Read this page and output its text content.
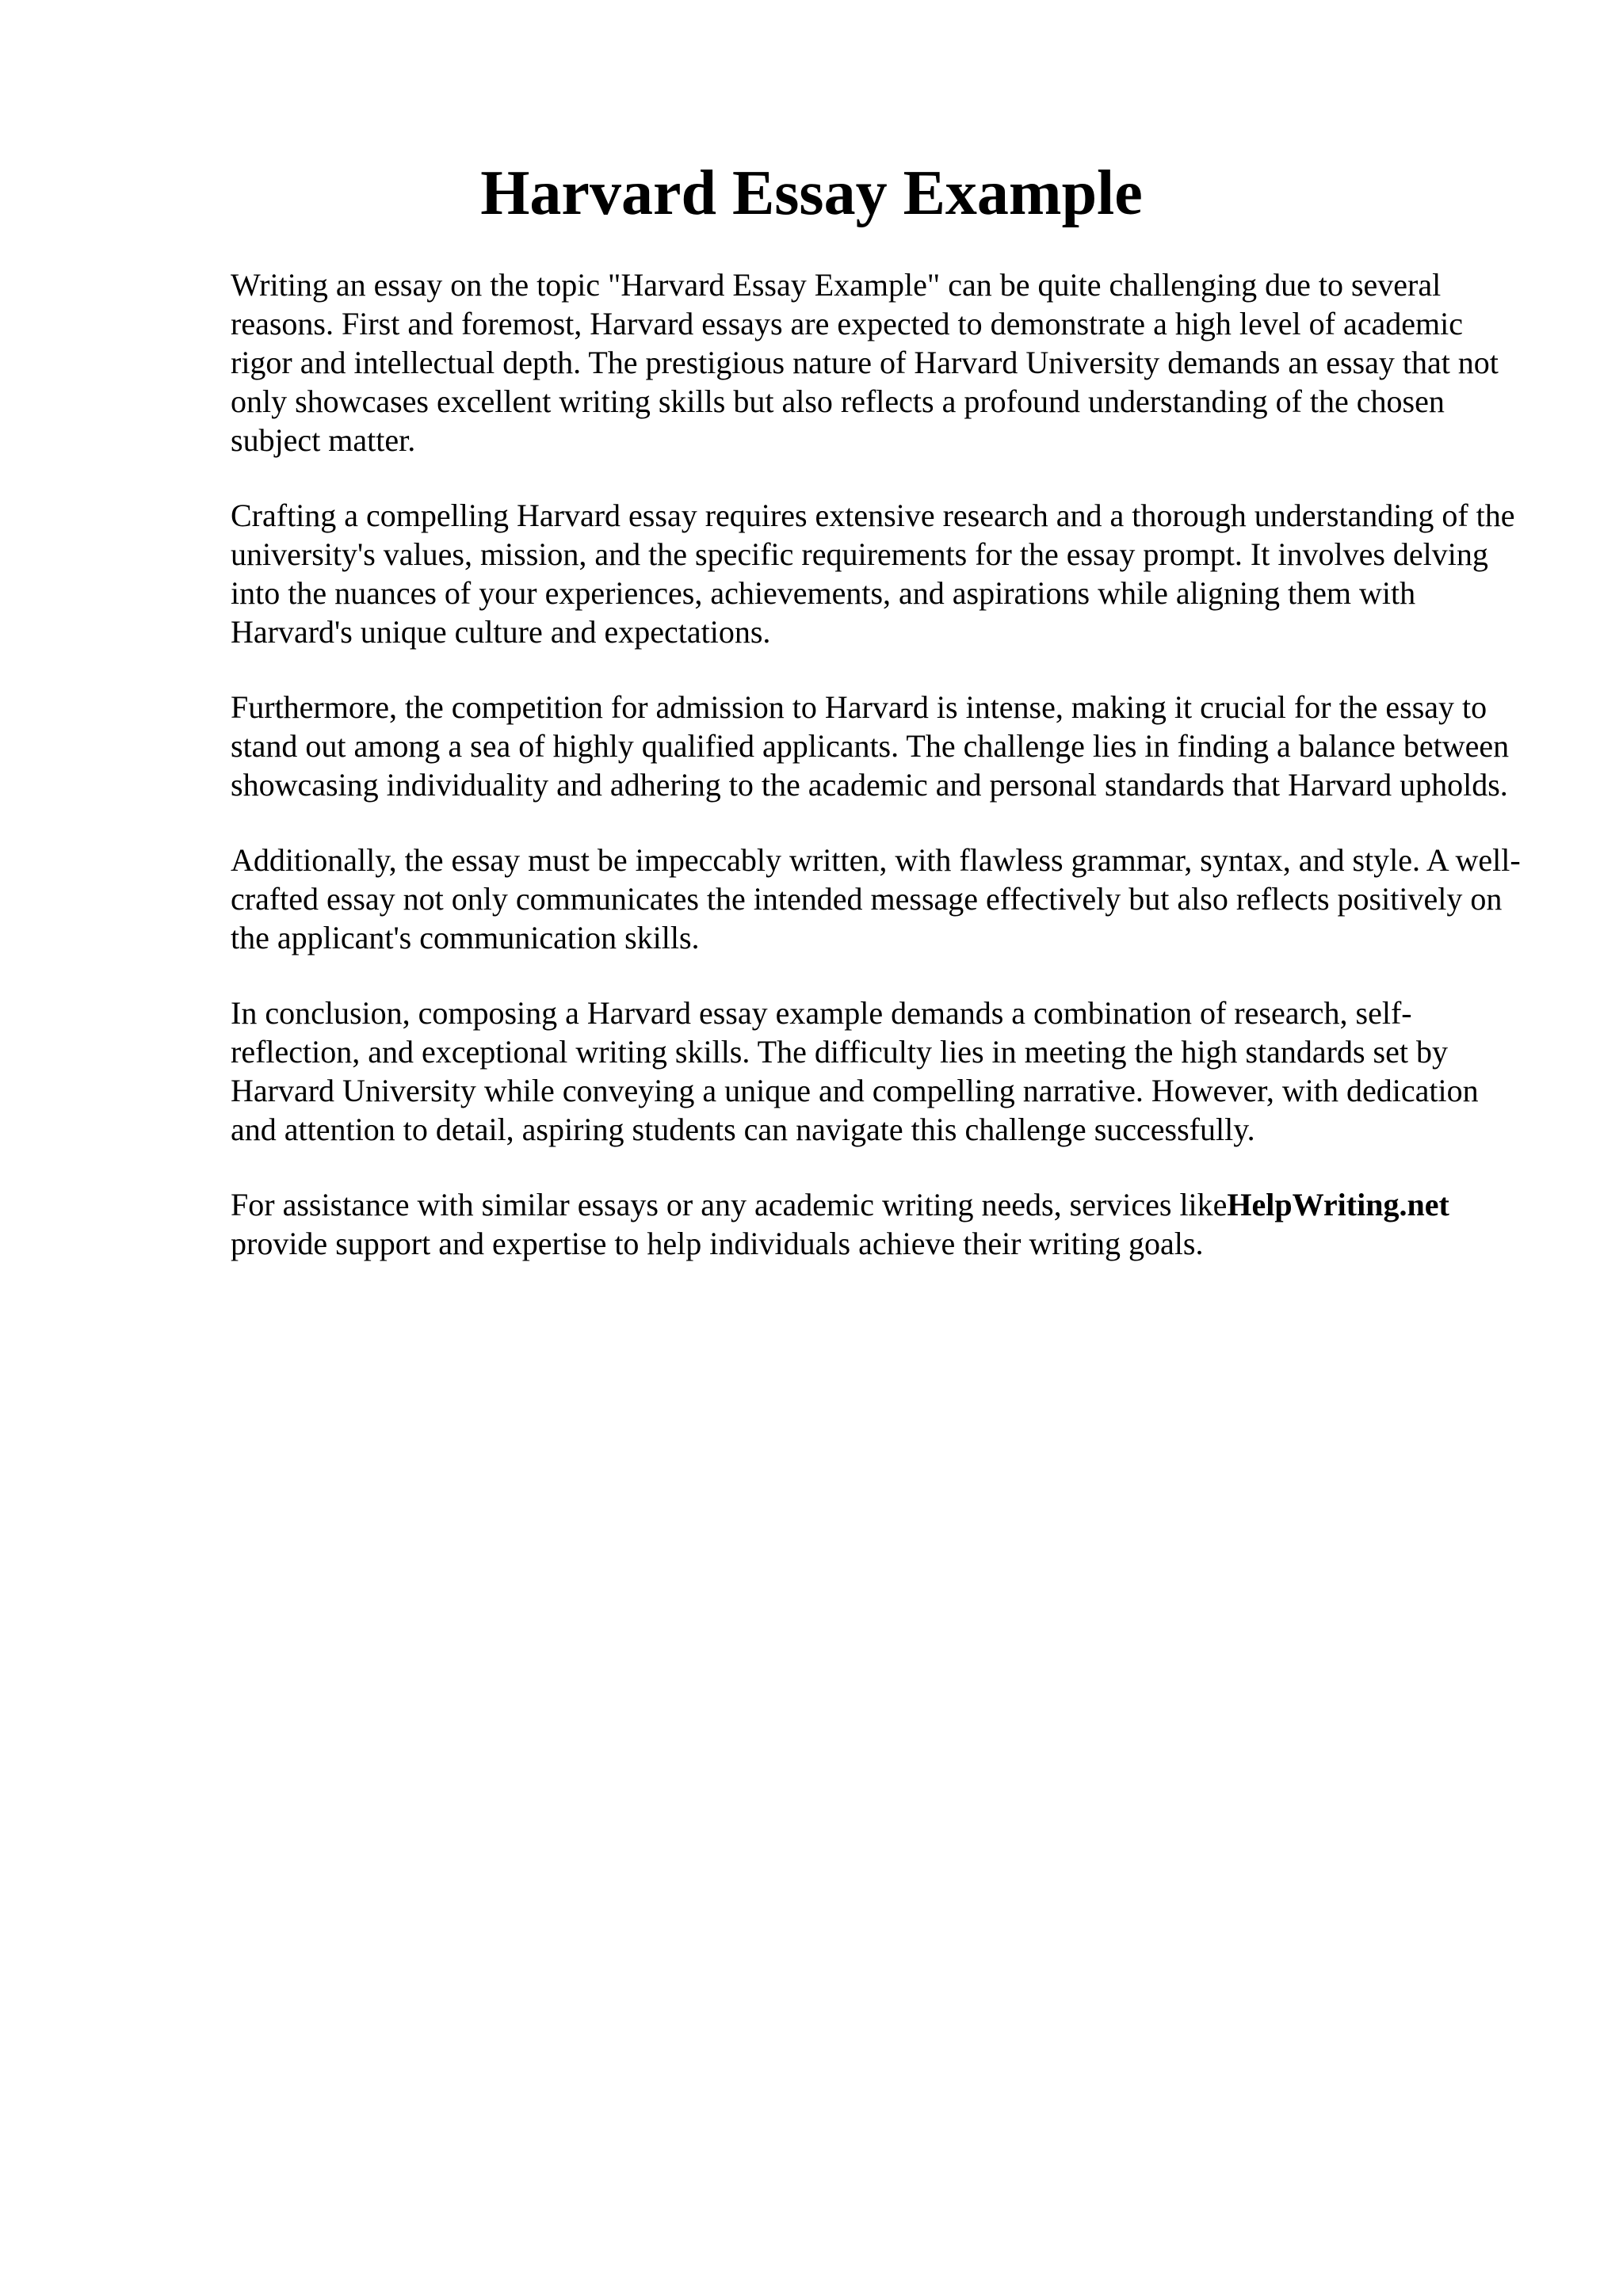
Harvard Essay Example

Writing an essay on the topic "Harvard Essay Example" can be quite challenging due to several reasons. First and foremost, Harvard essays are expected to demonstrate a high level of academic rigor and intellectual depth. The prestigious nature of Harvard University demands an essay that not only showcases excellent writing skills but also reflects a profound understanding of the chosen subject matter.

Crafting a compelling Harvard essay requires extensive research and a thorough understanding of the university's values, mission, and the specific requirements for the essay prompt. It involves delving into the nuances of your experiences, achievements, and aspirations while aligning them with Harvard's unique culture and expectations.

Furthermore, the competition for admission to Harvard is intense, making it crucial for the essay to stand out among a sea of highly qualified applicants. The challenge lies in finding a balance between showcasing individuality and adhering to the academic and personal standards that Harvard upholds.

Additionally, the essay must be impeccably written, with flawless grammar, syntax, and style. A well-crafted essay not only communicates the intended message effectively but also reflects positively on the applicant's communication skills.

In conclusion, composing a Harvard essay example demands a combination of research, self-reflection, and exceptional writing skills. The difficulty lies in meeting the high standards set by Harvard University while conveying a unique and compelling narrative. However, with dedication and attention to detail, aspiring students can navigate this challenge successfully.

For assistance with similar essays or any academic writing needs, services likeHelpWriting.net
provide support and expertise to help individuals achieve their writing goals.
